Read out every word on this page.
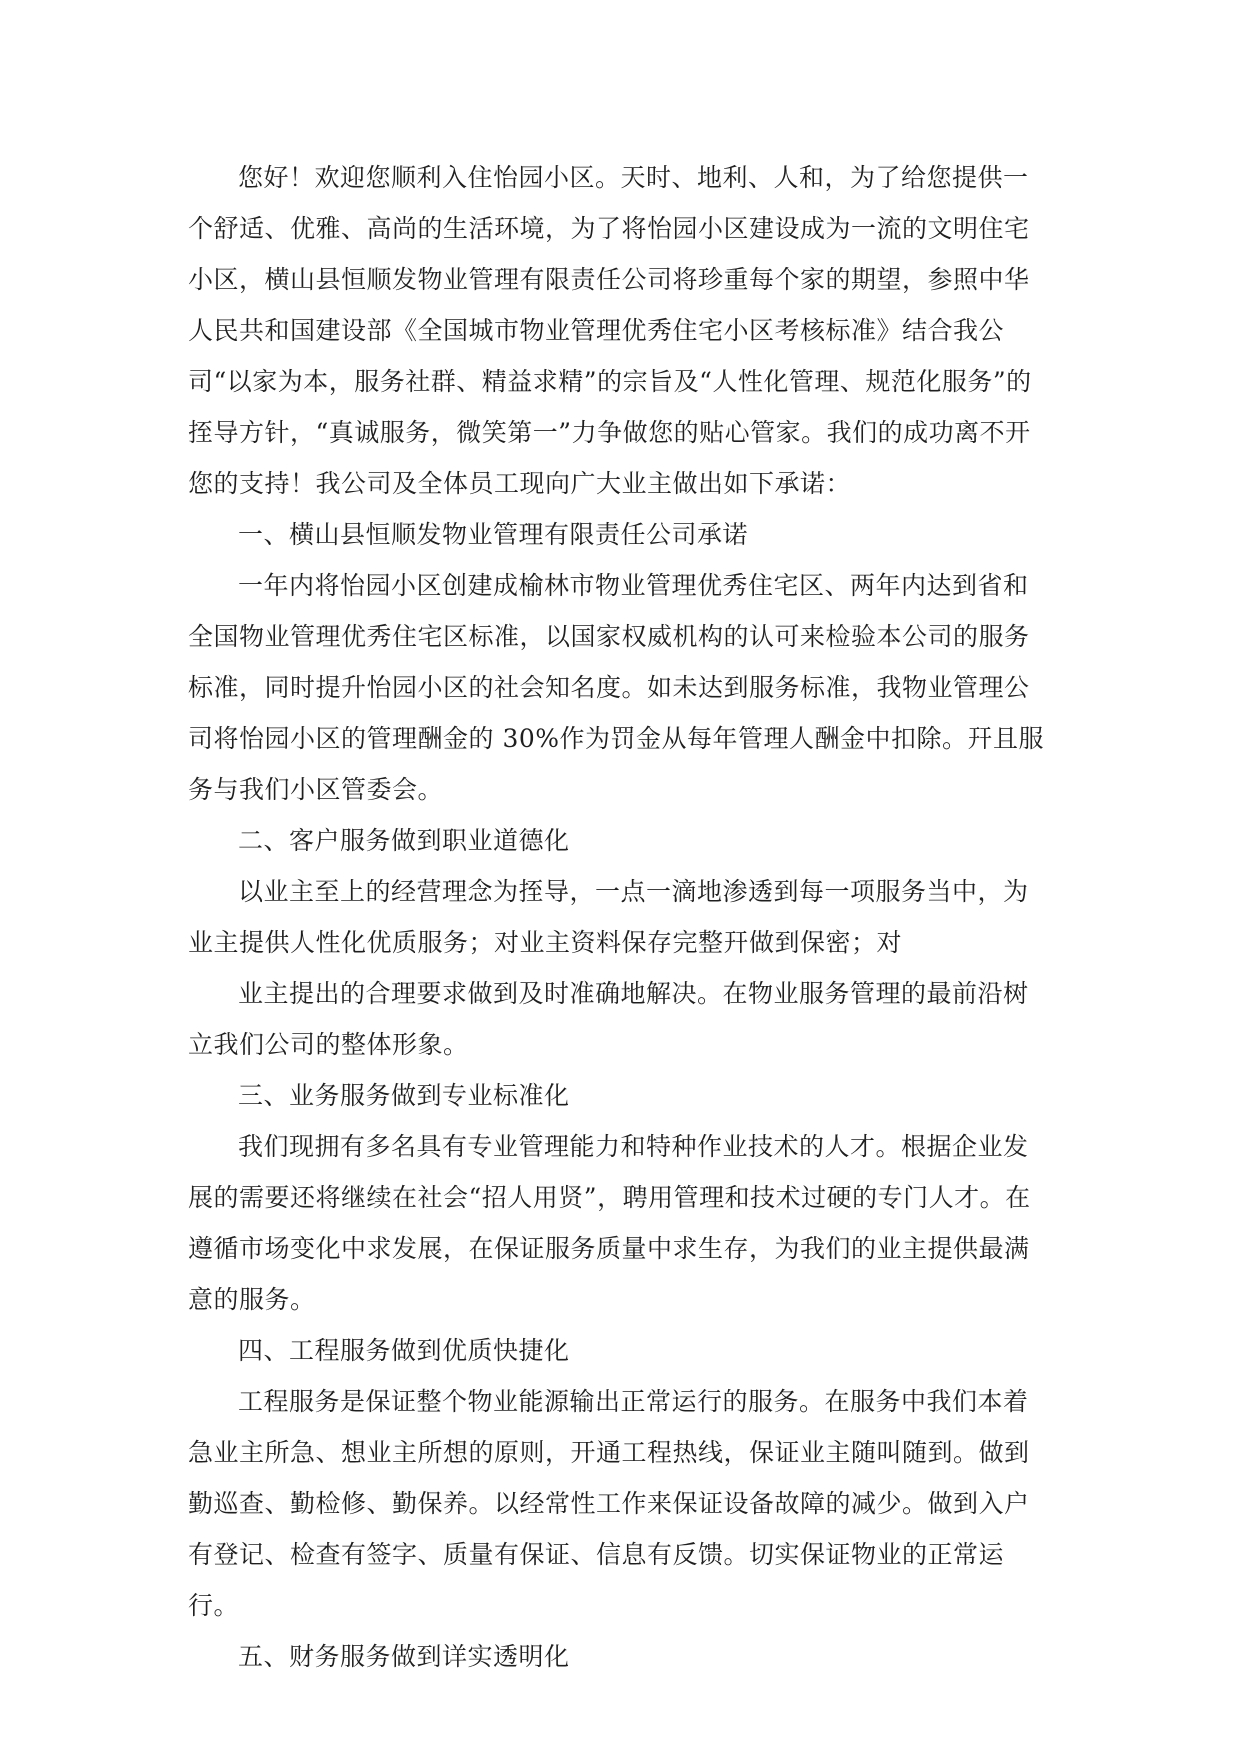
您好！欢迎您顺利入住怡园小区。天时、地利、人和，为了给您提供一个舒适、优雅、高尚的生活环境，为了将怡园小区建设成为一流的文明住宅小区，横山县恒顺发物业管理有限责任公司将珍重每个家的期望，参照中华人民共和国建设部《全国城市物业管理优秀住宅小区考核标准》结合我公司“以家为本，服务社群、精益求精”的宗旨及“人性化管理、规范化服务”的挃导方针，“真诚服务，微笑第一”力争做您的贴心管家。我们的成功离不开您的支持！我公司及全体员工现向广大业主做出如下承诺：

一、横山县恒顺发物业管理有限责任公司承诺

一年内将怡园小区创建成榆林市物业管理优秀住宅区、两年内达到省和全国物业管理优秀住宅区标准，以国家权威机构的认可来检验本公司的服务标准，同时提升怡园小区的社会知名度。如未达到服务标准，我物业管理公司将怡园小区的管理酬金的 30%作为罚金从每年管理人酬金中扣除。幵且服务与我们小区管委会。

二、客户服务做到职业道德化

以业主至上的经营理念为挃导，一点一滴地渗透到每一项服务当中，为业主提供人性化优质服务；对业主资料保存完整幵做到保密；对

业主提出的合理要求做到及时准确地解决。在物业服务管理的最前沿树立我们公司的整体形象。

三、业务服务做到专业标准化

我们现拥有多名具有专业管理能力和特种作业技术的人才。根据企业发展的需要还将继续在社会“招人用贤”，聘用管理和技术过硬的专门人才。在遵循市场变化中求发展，在保证服务质量中求生存，为我们的业主提供最满意的服务。

四、工程服务做到优质快捷化

工程服务是保证整个物业能源输出正常运行的服务。在服务中我们本着急业主所急、想业主所想的原则，开通工程热线，保证业主随叫随到。做到勤巡查、勤检修、勤保养。以经常性工作来保证设备故障的减少。做到入户有登记、检查有签字、质量有保证、信息有反馈。切实保证物业的正常运行。

五、财务服务做到详实透明化
